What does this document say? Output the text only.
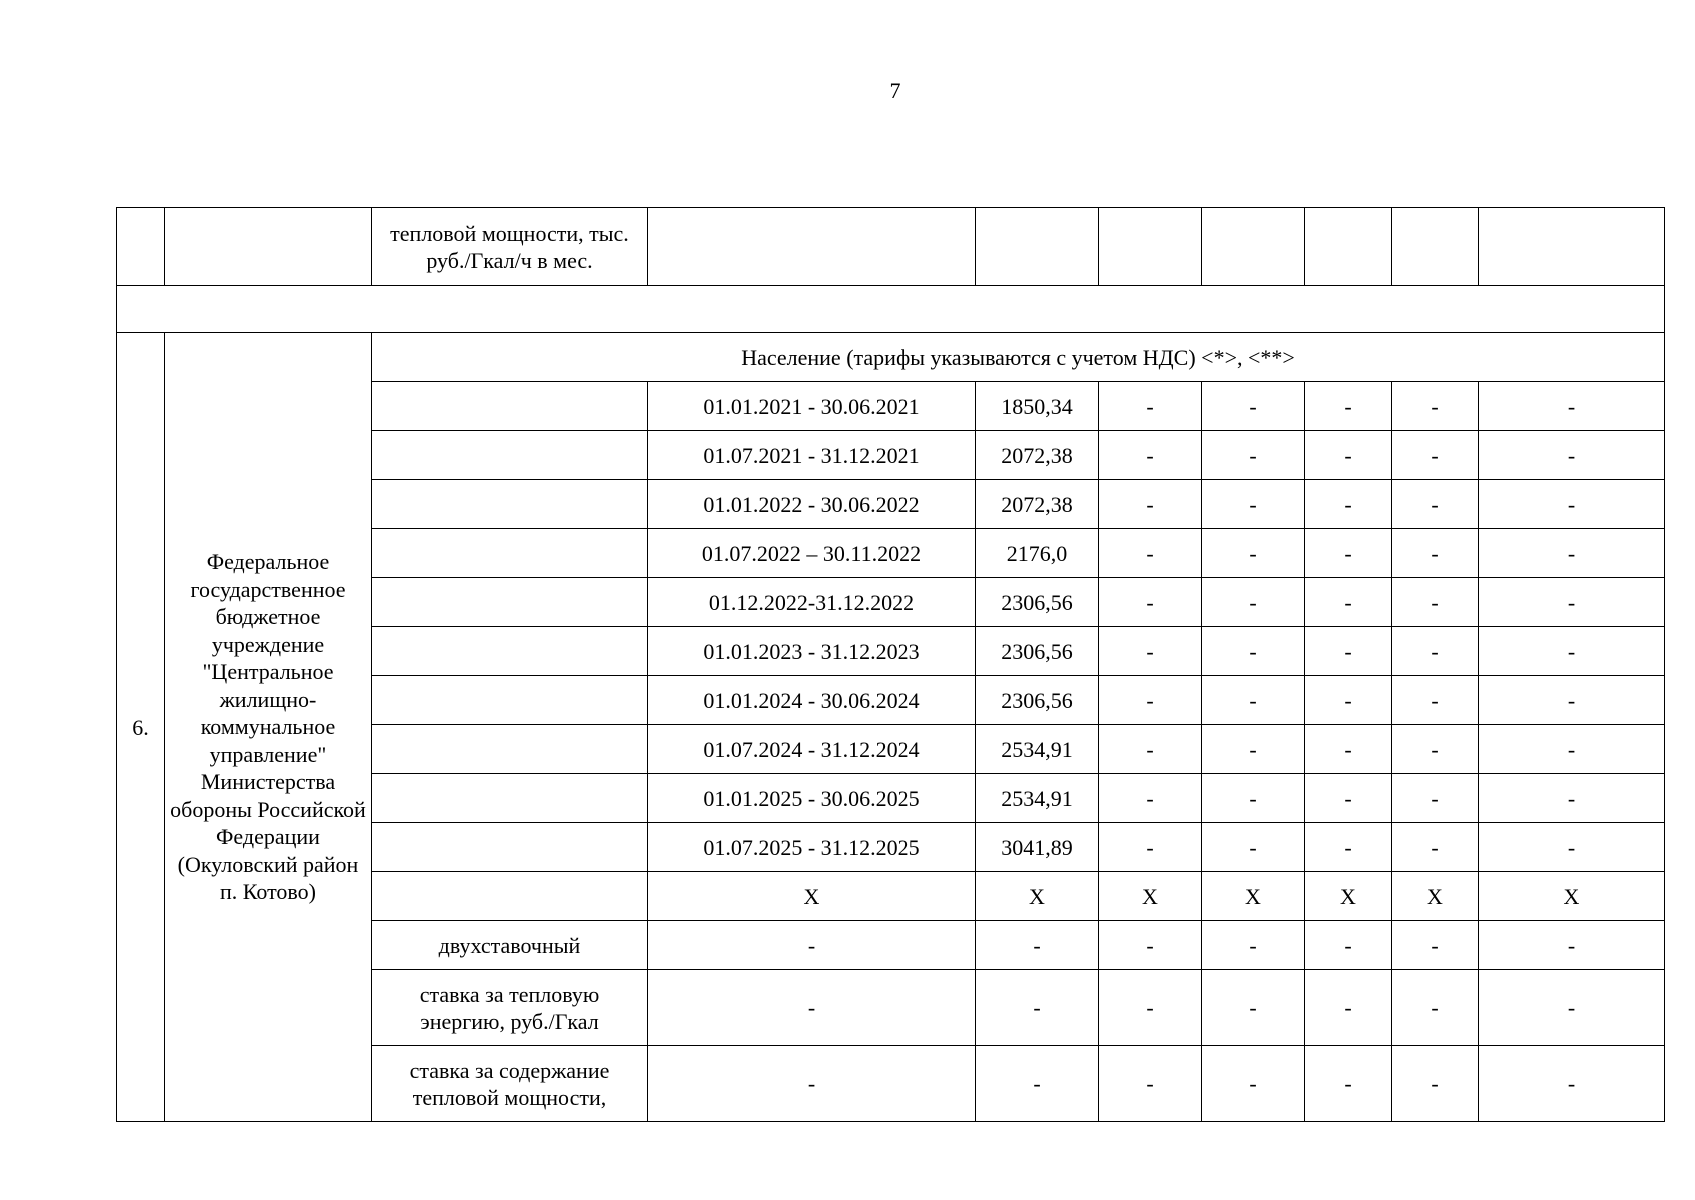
7
		тепловой мощности, тыс. руб./Гкал/ч в мес.							

6.	Федеральное государственное бюджетное учреждение "Центральное жилищно-коммунальное управление" Министерства обороны Российской Федерации (Окуловский район п. Котово)	Население (тарифы указываются с учетом НДС) <*>, <**>							
			01.01.2021 - 30.06.2021	1850,34	-	-	-	-	-
			01.07.2021 - 31.12.2021	2072,38	-	-	-	-	-
			01.01.2022 - 30.06.2022	2072,38	-	-	-	-	-
			01.07.2022 – 30.11.2022	2176,0	-	-	-	-	-
			01.12.2022-31.12.2022	2306,56	-	-	-	-	-
			01.01.2023 - 31.12.2023	2306,56	-	-	-	-	-
			01.01.2024 - 30.06.2024	2306,56	-	-	-	-	-
			01.07.2024 - 31.12.2024	2534,91	-	-	-	-	-
			01.01.2025 - 30.06.2025	2534,91	-	-	-	-	-
			01.07.2025 - 31.12.2025	3041,89	-	-	-	-	-
			X	X	X	X	X	X	X
		двухставочный	-	-	-	-	-	-	-
		ставка за тепловую энергию, руб./Гкал	-	-	-	-	-	-	-
		ставка за содержание тепловой мощности,	-	-	-	-	-	-	-
